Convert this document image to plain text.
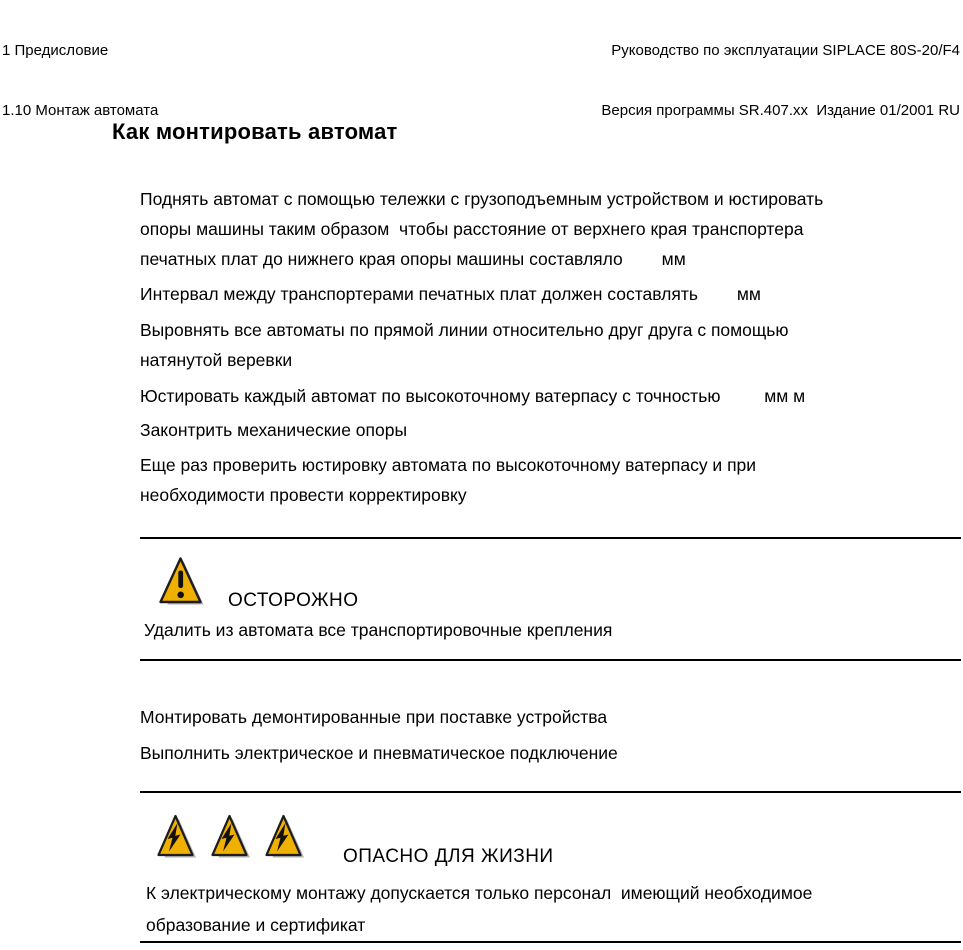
1 Предисловие

1.10 Монтаж автомата

Руководство по эксплуатации SIPLACE 80S-20/F4

Версия программы SR.407.xx  Издание 01/2001 RU

Как монтировать автомат
Поднять автомат с помощью тележки с грузоподъемным устройством и юстировать
опоры машины таким образом  чтобы расстояние от верхнего края транспортера
печатных плат до нижнего края опоры машины составляло        мм
Интервал между транспортерами печатных плат должен составлять        мм
Выровнять все автоматы по прямой линии относительно друг друга с помощью
натянутой веревки
Юстировать каждый автомат по высокоточному ватерпасу с точностью         мм м
Законтрить механические опоры
Еще раз проверить юстировку автомата по высокоточному ватерпасу и при
необходимости провести корректировку
ОСТОРОЖНО
Удалить из автомата все транспортировочные крепления
Монтировать демонтированные при поставке устройства
Выполнить электрическое и пневматическое подключение
ОПАСНО ДЛЯ ЖИЗНИ
К электрическому монтажу допускается только персонал  имеющий необходимое
образование и сертификат
